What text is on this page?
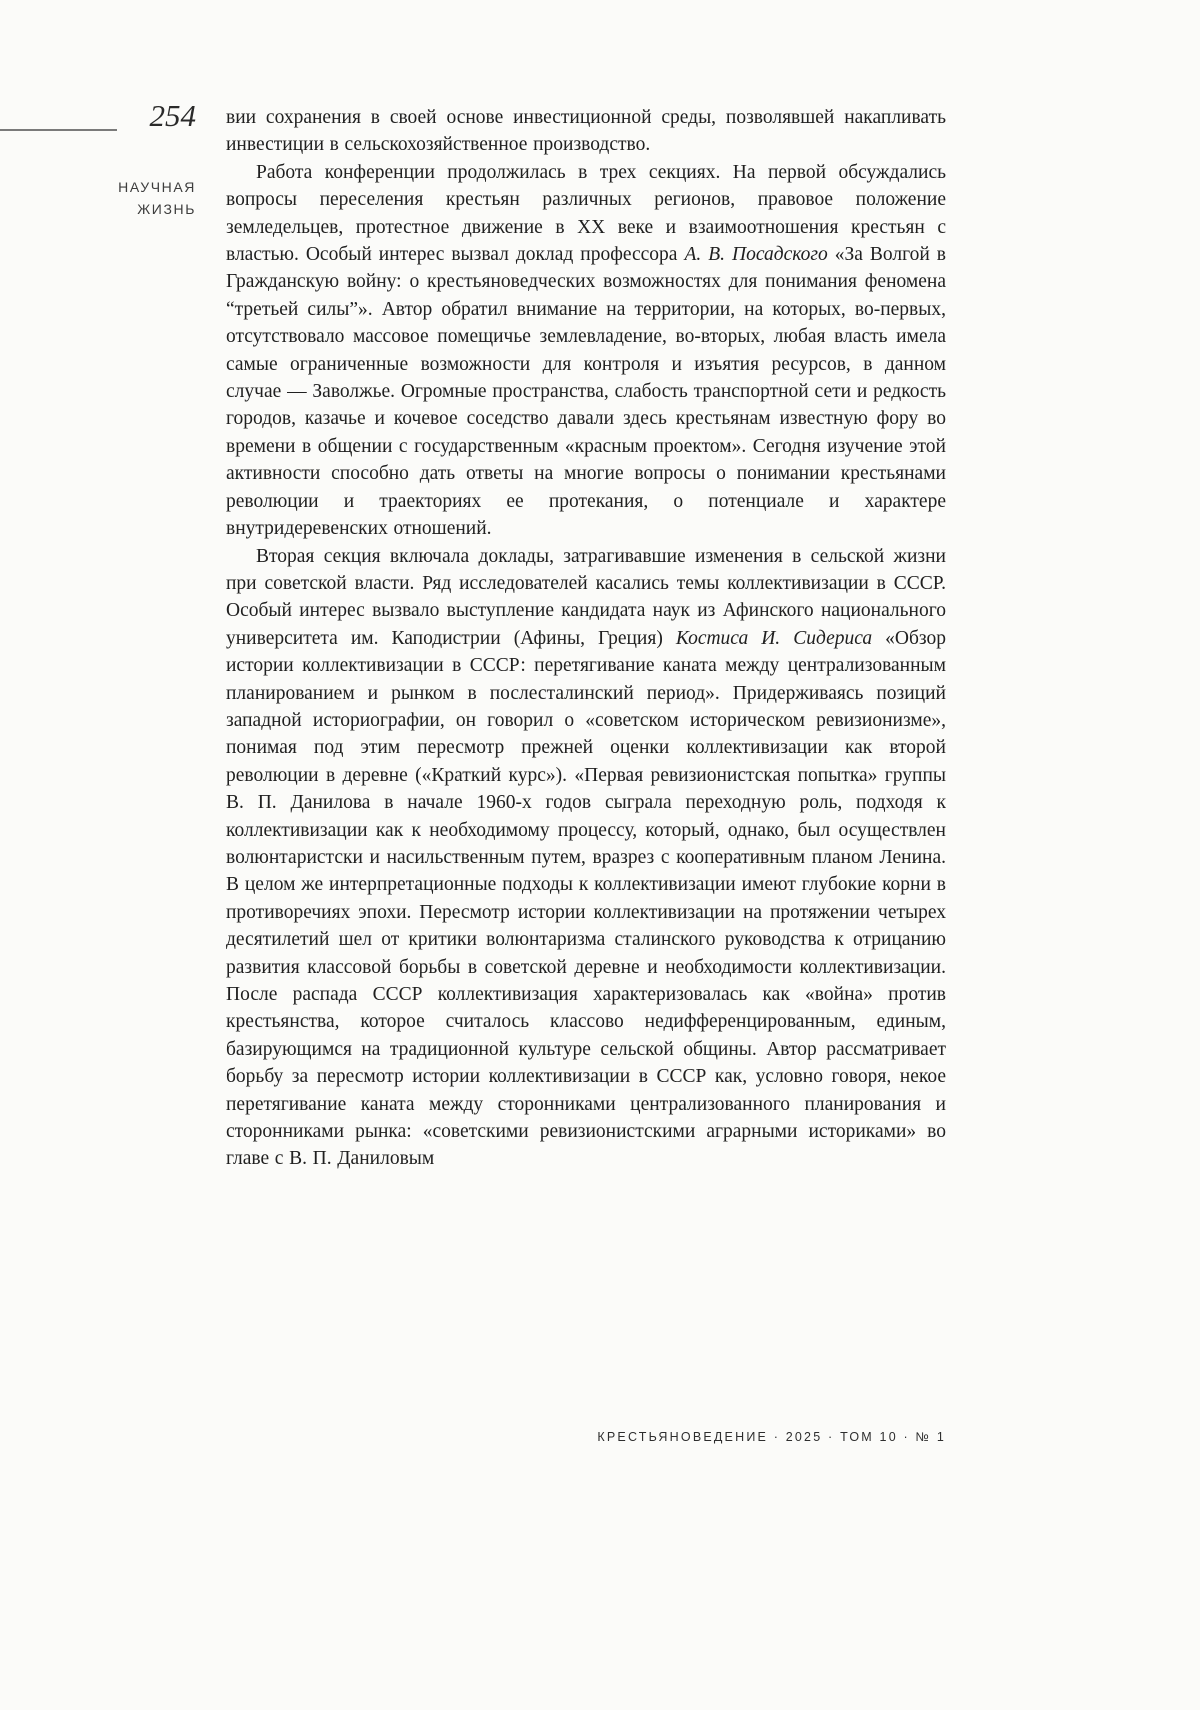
254
НАУЧНАЯ
ЖИЗНЬ

вии сохранения в своей основе инвестиционной среды, позволявшей накапливать инвестиции в сельскохозяйственное производство.

Работа конференции продолжилась в трех секциях. На первой обсуждались вопросы переселения крестьян различных регионов, правовое положение земледельцев, протестное движение в XX веке и взаимоотношения крестьян с властью. Особый интерес вызвал доклад профессора А. В. Посадского «За Волгой в Гражданскую войну: о крестьяноведческих возможностях для понимания феномена “третьей силы”». Автор обратил внимание на территории, на которых, во-первых, отсутствовало массовое помещичье землевладение, во-вторых, любая власть имела самые ограниченные возможности для контроля и изъятия ресурсов, в данном случае — Заволжье. Огромные пространства, слабость транспортной сети и редкость городов, казачье и кочевое соседство давали здесь крестьянам известную фору во времени в общении с государственным «красным проектом». Сегодня изучение этой активности способно дать ответы на многие вопросы о понимании крестьянами революции и траекториях ее протекания, о потенциале и характере внутридеревенских отношений.

Вторая секция включала доклады, затрагивавшие изменения в сельской жизни при советской власти. Ряд исследователей касались темы коллективизации в СССР. Особый интерес вызвало выступление кандидата наук из Афинского национального университета им. Каподистрии (Афины, Греция) Костиса И. Сидериса «Обзор истории коллективизации в СССР: перетягивание каната между централизованным планированием и рынком в послесталинский период». Придерживаясь позиций западной историографии, он говорил о «советском историческом ревизионизме», понимая под этим пересмотр прежней оценки коллективизации как второй революции в деревне («Краткий курс»). «Первая ревизионистская попытка» группы В. П. Данилова в начале 1960-х годов сыграла переходную роль, подходя к коллективизации как к необходимому процессу, который, однако, был осуществлен волюнтаристски и насильственным путем, вразрез с кооперативным планом Ленина. В целом же интерпретационные подходы к коллективизации имеют глубокие корни в противоречиях эпохи. Пересмотр истории коллективизации на протяжении четырех десятилетий шел от критики волюнтаризма сталинского руководства к отрицанию развития классовой борьбы в советской деревне и необходимости коллективизации. После распада СССР коллективизация характеризовалась как «война» против крестьянства, которое считалось классово недифференцированным, единым, базирующимся на традиционной культуре сельской общины. Автор рассматривает борьбу за пересмотр истории коллективизации в СССР как, условно говоря, некое перетягивание каната между сторонниками централизованного планирования и сторонниками рынка: «советскими ревизионистскими аграрными историками» во главе с В. П. Даниловым

КРЕСТЬЯНОВЕДЕНИЕ · 2025 · ТОМ 10 · № 1
